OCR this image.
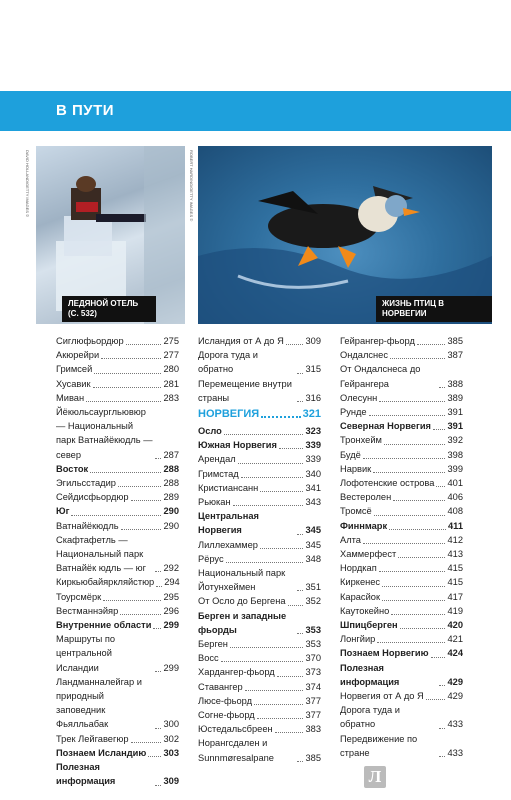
В ПУТИ
DAVID HOLLAND/GETTY IMAGES ©
ЛЕДЯНОЙ ОТЕЛЬ (С. 532)
ROBERT HARDING/GETTY IMAGES ©
ЖИЗНЬ ПТИЦ В НОРВЕГИИ
Сиглюфьордюр	275
Акюрейри	277
Гримсей	280
Хусавик	281
Миван	283
Йёкюльсаургльювюр — Национальный парк Ватнайёкюдль — север	287
Восток	288
Эгильсстадир	288
Сейдисфьордюр	289
Юг	290
Ватнайёкюдль	290
Скафтафетль — Национальный парк Ватнайёк юдль — юг	292
Киркьюбайяркляйстюр 294
Тоурсмёрк	295
Вестманнэйяр	296
Внутренние области 299
Маршруты по центральной Исландии	299
Ландманналейгар и природный заповедник Фьялльабак	300
Трек Лейгавегюр	302
Познаем Исландию 303
Полезная информация	309
Исландия от А до Я 309
Дорога туда и обратно	315
Перемещение внутри страны	316
НОРВЕГИЯ	321
Осло	323
Южная Норвегия	339
Арендал	339
Гримстад	340
Кристиансанн	341
Рьюкан	343
Центральная Норвегия	345
Лиллехаммер	345
Рёрус	348
Национальный парк Йотунхеймен	351
От Осло до Бергена 352
Берген и западные фьорды	353
Берген	353
Восс	370
Хардангер-фьорд	373
Ставангер	374
Люсе-фьорд	377
Согне-фьорд	377
Юстедальсбреен	383
Норангсдален и Sunnmøresalpane	385
Гейрангер-фьорд	385
Ондалснес	387
От Ондалснеса до Гейрангерa	388
Олесунн	389
Рунде	391
Северная Норвегия 391
Тронхейм	392
Будё	398
Нарвик	399
Лофотенские острова 401
Вестеролен	406
Тромсё	408
Финнмарк	411
Алта	412
Хаммерфест	413
Нордкап	415
Киркенес	415
Карасйок	417
Каутокейно	419
Шпицберген	420
Лонгйир	421
Познаем Норвегию 424
Полезная информация	429
Норвегия от А до Я	429
Дорога туда и обратно	433
Передвижение по стране	433
Л
